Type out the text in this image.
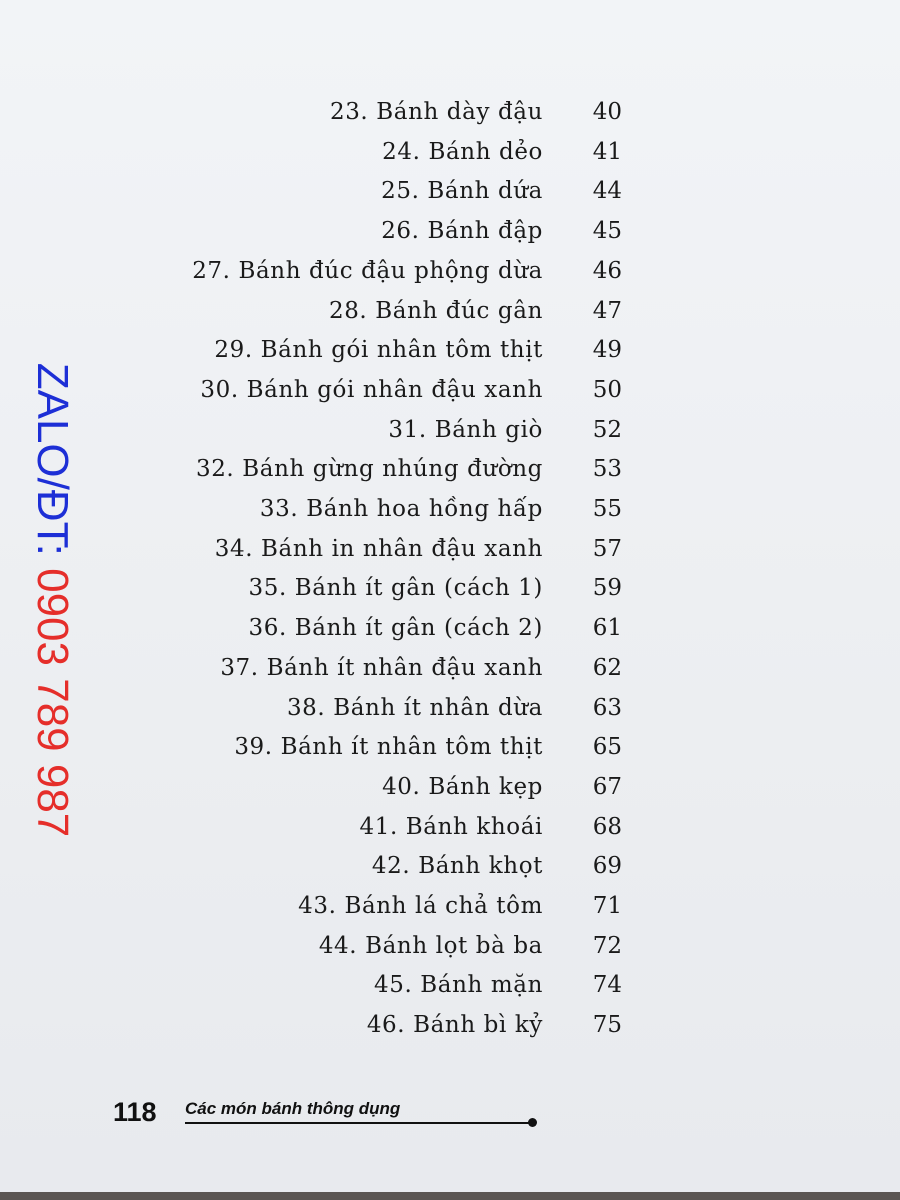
ZALO/ĐT: 0903 789 987
23. Bánh dày đậu 40
24. Bánh dẻo 41
25. Bánh dứa 44
26. Bánh đập 45
27. Bánh đúc đậu phộng dừa 46
28. Bánh đúc gân 47
29. Bánh gói nhân tôm thịt 49
30. Bánh gói nhân đậu xanh 50
31. Bánh giò 52
32. Bánh gừng nhúng đường 53
33. Bánh hoa hồng hấp 55
34. Bánh in nhân đậu xanh 57
35. Bánh ít gân (cách 1) 59
36. Bánh ít gân (cách 2) 61
37. Bánh ít nhân đậu xanh 62
38. Bánh ít nhân dừa 63
39. Bánh ít nhân tôm thịt 65
40. Bánh kẹp 67
41. Bánh khoái 68
42. Bánh khọt 69
43. Bánh lá chả tôm 71
44. Bánh lọt bà ba 72
45. Bánh mặn 74
46. Bánh bì kỷ 75
118 Các món bánh thông dụng
